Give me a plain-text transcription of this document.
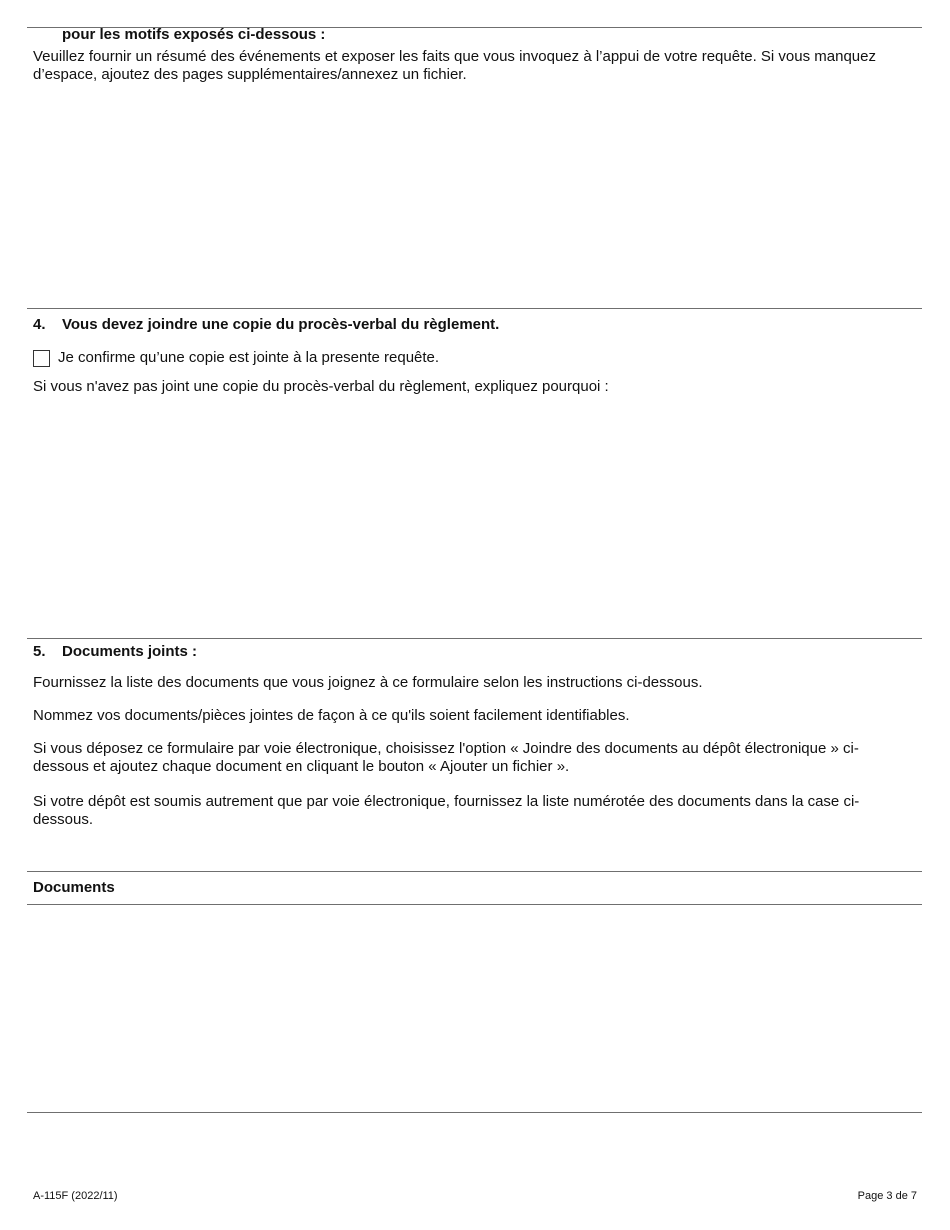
pour les motifs exposés ci-dessous :
Veuillez fournir un résumé des événements et exposer les faits que vous invoquez à l’appui de votre requête. Si vous manquez d’espace, ajoutez des pages supplémentaires/annexez un fichier.
4. Vous devez joindre une copie du procès-verbal du règlement.
Je confirme qu’une copie est jointe à la presente requête.
Si vous n'avez pas joint une copie du procès-verbal du règlement, expliquez pourquoi :
5. Documents joints :
Fournissez la liste des documents que vous joignez à ce formulaire selon les instructions ci-dessous.
Nommez vos documents/pièces jointes de façon à ce qu'ils soient facilement identifiables.
Si vous déposez ce formulaire par voie électronique, choisissez l'option « Joindre des documents au dépôt électronique » ci-dessous et ajoutez chaque document en cliquant le bouton « Ajouter un fichier ».
Si votre dépôt est soumis autrement que par voie électronique, fournissez la liste numérotée des documents dans la case ci-dessous.
Documents
A-115F (2022/11)	Page 3 de 7
